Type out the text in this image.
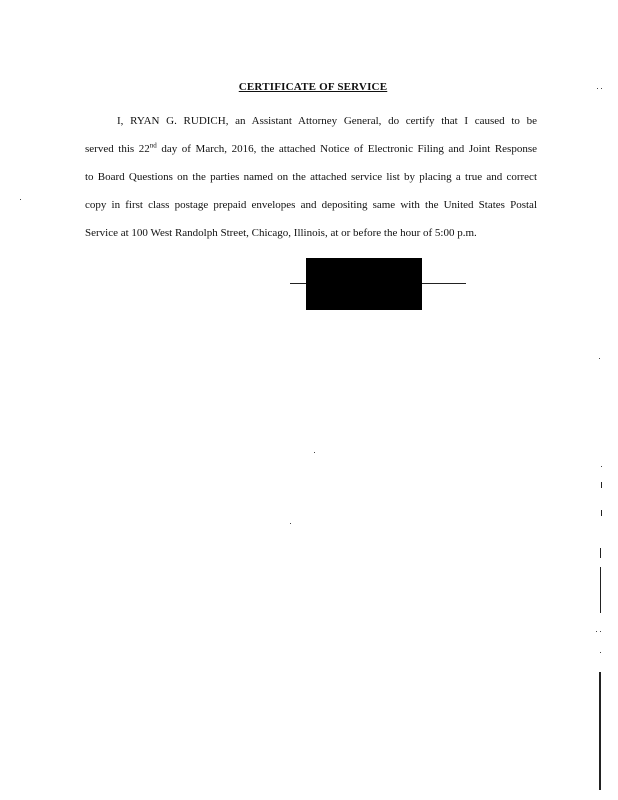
CERTIFICATE OF SERVICE
I, RYAN G. RUDICH, an Assistant Attorney General, do certify that I caused to be
served this 22nd day of March, 2016, the attached Notice of Electronic Filing and Joint Response
to Board Questions on the parties named on the attached service list by placing a true and correct
copy in first class postage prepaid envelopes and depositing same with the United States Postal
Service at 100 West Randolph Street, Chicago, Illinois, at or before the hour of 5:00 p.m.
